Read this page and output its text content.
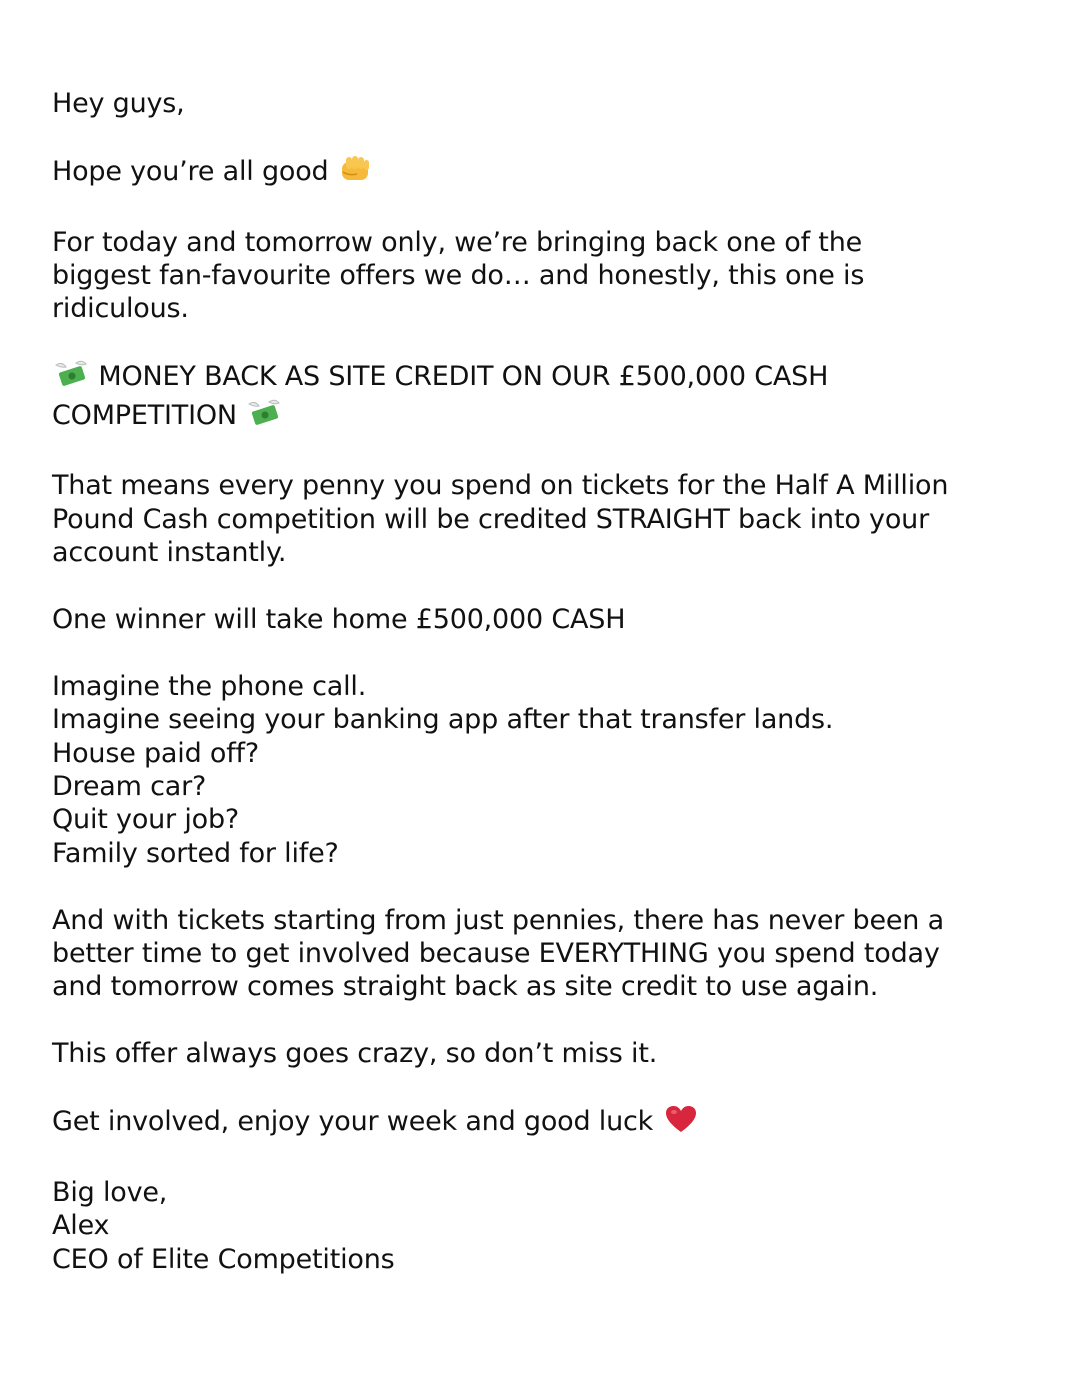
Hey guys,
Hope you’re all good
For today and tomorrow only, we’re bringing back one of the
biggest fan-favourite offers we do… and honestly, this one is
ridiculous.
MONEY BACK AS SITE CREDIT ON OUR £500,000 CASH
COMPETITION
That means every penny you spend on tickets for the Half A Million
Pound Cash competition will be credited STRAIGHT back into your
account instantly.
One winner will take home £500,000 CASH
Imagine the phone call.
Imagine seeing your banking app after that transfer lands.
House paid off?
Dream car?
Quit your job?
Family sorted for life?
And with tickets starting from just pennies, there has never been a
better time to get involved because EVERYTHING you spend today
and tomorrow comes straight back as site credit to use again.
This offer always goes crazy, so don’t miss it.
Get involved, enjoy your week and good luck
Big love,
Alex
CEO of Elite Competitions
